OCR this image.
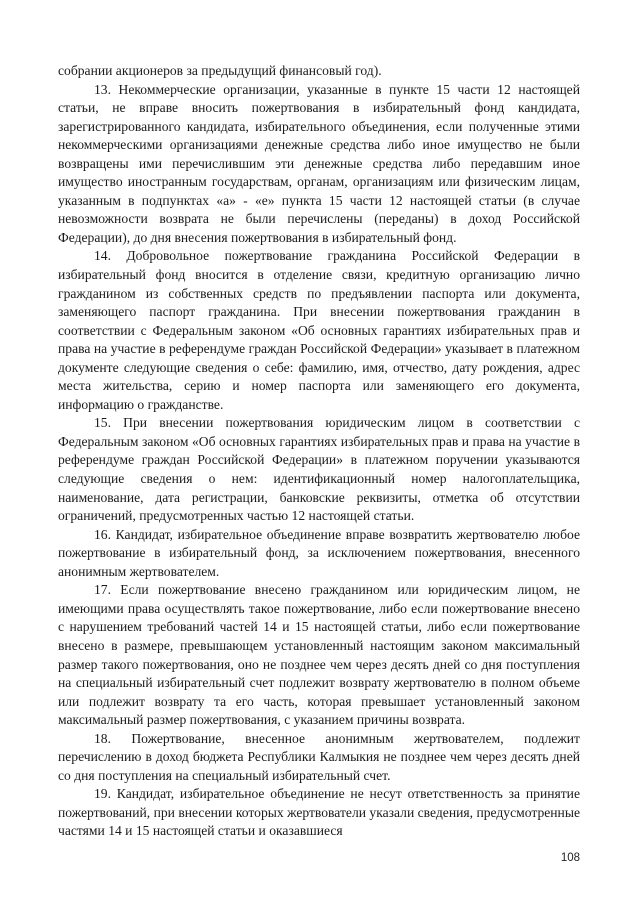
собрании акционеров за предыдущий финансовый год).

13. Некоммерческие организации, указанные в пункте 15 части 12 настоящей статьи, не вправе вносить пожертвования в избирательный фонд кандидата, зарегистрированного кандидата, избирательного объединения, если полученные этими некоммерческими организациями денежные средства либо иное имущество не были возвращены ими перечислившим эти денежные средства либо передавшим иное имущество иностранным государствам, органам, организациям или физическим лицам, указанным в подпунктах «а» - «е» пункта 15 части 12 настоящей статьи (в случае невозможности возврата не были перечислены (переданы) в доход Российской Федерации), до дня внесения пожертвования в избирательный фонд.

14. Добровольное пожертвование гражданина Российской Федерации в избирательный фонд вносится в отделение связи, кредитную организацию лично гражданином из собственных средств по предъявлении паспорта или документа, заменяющего паспорт гражданина. При внесении пожертвования гражданин в соответствии с Федеральным законом «Об основных гарантиях избирательных прав и права на участие в референдуме граждан Российской Федерации» указывает в платежном документе следующие сведения о себе: фамилию, имя, отчество, дату рождения, адрес места жительства, серию и номер паспорта или заменяющего его документа, информацию о гражданстве.

15. При внесении пожертвования юридическим лицом в соответствии с Федеральным законом «Об основных гарантиях избирательных прав и права на участие в референдуме граждан Российской Федерации» в платежном поручении указываются следующие сведения о нем: идентификационный номер налогоплательщика, наименование, дата регистрации, банковские реквизиты, отметка об отсутствии ограничений, предусмотренных частью 12 настоящей статьи.

16. Кандидат, избирательное объединение вправе возвратить жертвователю любое пожертвование в избирательный фонд, за исключением пожертвования, внесенного анонимным жертвователем.

17. Если пожертвование внесено гражданином или юридическим лицом, не имеющими права осуществлять такое пожертвование, либо если пожертвование внесено с нарушением требований частей 14 и 15 настоящей статьи, либо если пожертвование внесено в размере, превышающем установленный настоящим законом максимальный размер такого пожертвования, оно не позднее чем через десять дней со дня поступления на специальный избирательный счет подлежит возврату жертвователю в полном объеме или подлежит возврату та его часть, которая превышает установленный законом максимальный размер пожертвования, с указанием причины возврата.

18. Пожертвование, внесенное анонимным жертвователем, подлежит перечислению в доход бюджета Республики Калмыкия не позднее чем через десять дней со дня поступления на специальный избирательный счет.

19. Кандидат, избирательное объединение не несут ответственность за принятие пожертвований, при внесении которых жертвователи указали сведения, предусмотренные частями 14 и 15 настоящей статьи и оказавшиеся

108
